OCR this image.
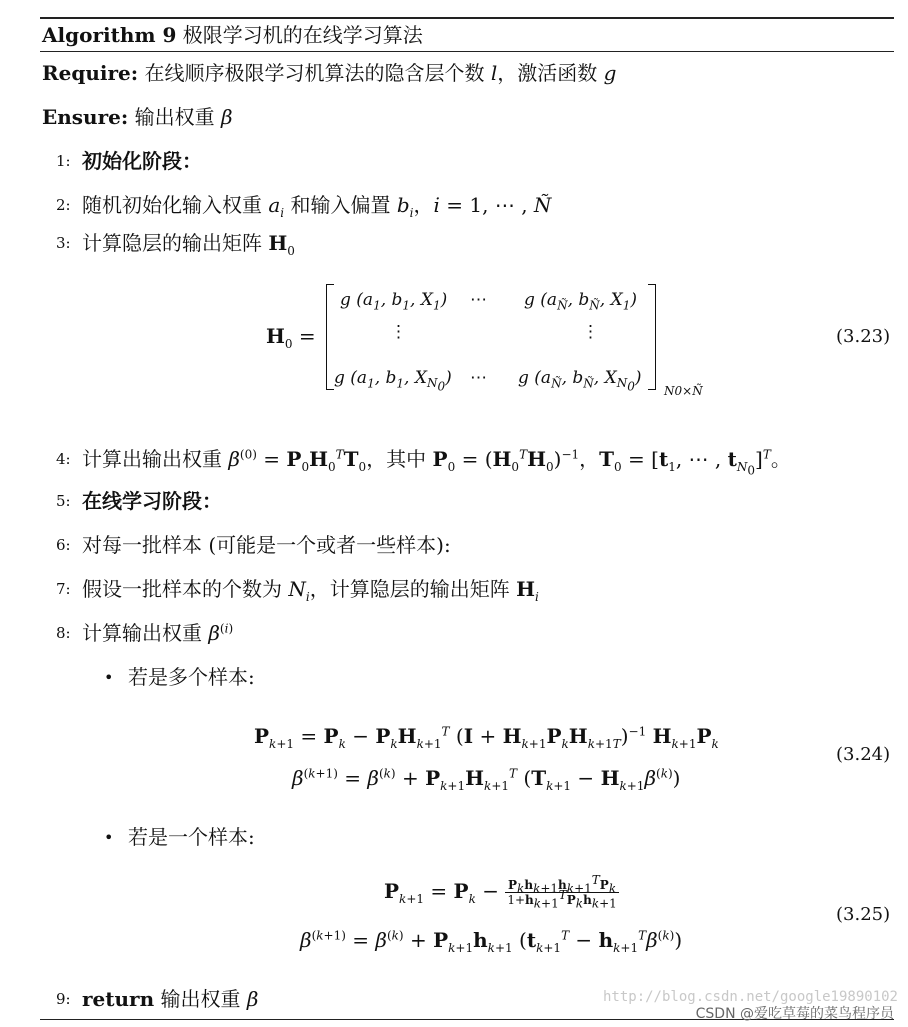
Algorithm 9 极限学习机的在线学习算法
Require: 在线顺序极限学习机算法的隐含层个数 l，激活函数 g
Ensure: 输出权重 β
1: 初始化阶段：
2: 随机初始化输入权重 $a_i$ 和输入偏置 $b_i$，i = 1, ⋯ , Ñ
3: 计算隐层的输出矩阵 $H_0$
$H_0$ =
g ($a_1$, $b_1$, $X_1$) ⋯ g ($a_Ñ$, $b_Ñ$, $X_1$)
⋮	⋮
g ($a_1$, $b_1$, $X_{N_0}$) ⋯ g ($a_Ñ$, $b_Ñ$, $X_{N_0}$)
N0×Ñ
(3.23)
4: 计算出输出权重 $\beta^{(0)} = P_0H_0^TT_0$，其中 $P_0 = (H_0^TH_0)^{-1}$，$T_0 = [t_1$, ⋯ , $t_{N_0}]^T$。
5: 在线学习阶段：
6: 对每一批样本 (可能是一个或者一些样本):
7: 假设一批样本的个数为 $N_i$，计算隐层的输出矩阵 $H_i$
8: 计算输出权重 $\beta^{(i)}$
• 若是多个样本:
$P_{k+1} = P_k - P_kH_{k+1}^T$ $(I + H_{k+1}P_kH_{k+1T})^{-1}$ $H_{k+1}P_k$
$\beta^{(k+1)} = \beta^{(k)} + P_{k+1}H_{k+1}^T$ $(T_{k+1} - H_{k+1}\beta^{(k)})$
(3.24)
• 若是一个样本:
$P_{k+1} = P_k - \frac{P_kh_{k+1}h_{k+1}^TP_k}{1+h_{k+1}^TP_kh_{k+1}}$
$\beta^{(k+1)} = \beta^{(k)} + P_{k+1}h_{k+1}$ $(t_{k+1}^T - h_{k+1}^T\beta^{(k)})$
(3.25)
9: return 输出权重 β	http://blog.csdn.net/google19890102
CSDN @爱吃草莓的菜鸟程序员
